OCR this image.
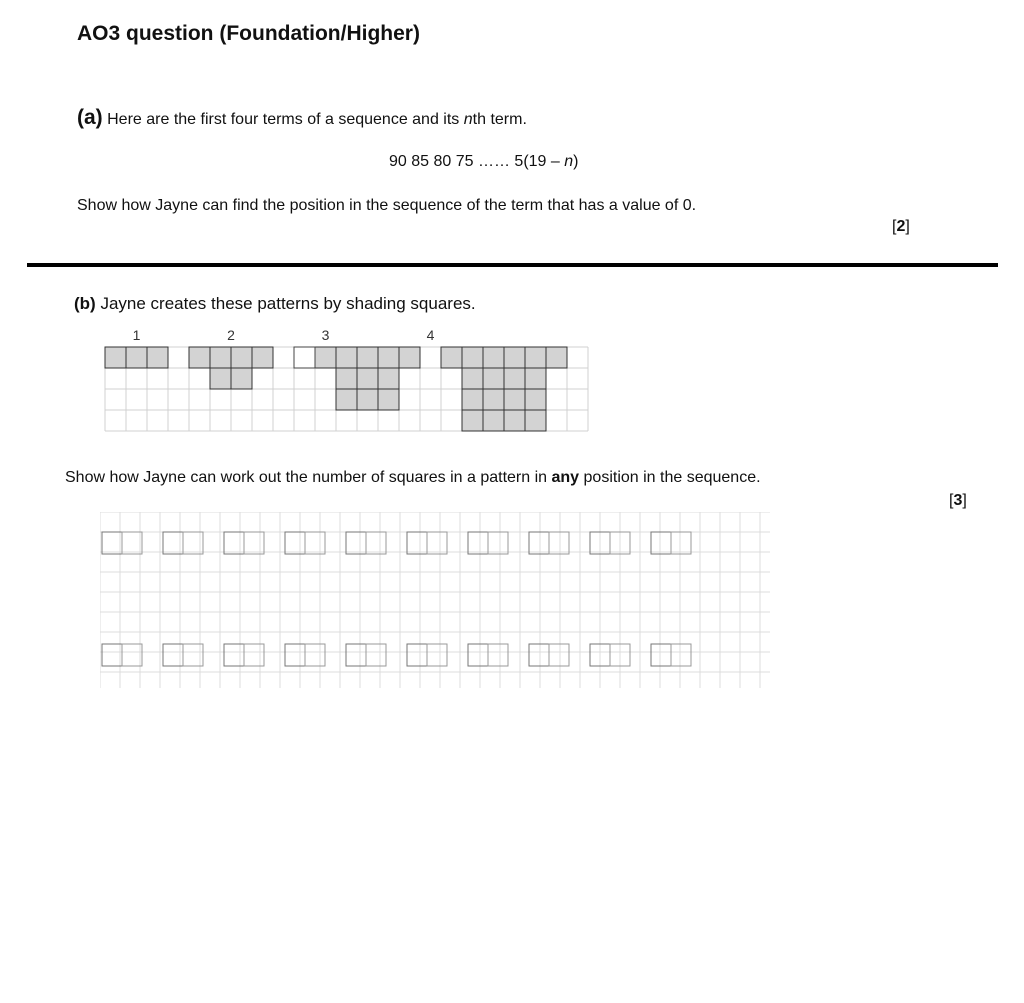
AO3 question (Foundation/Higher)
(a) Here are the first four terms of a sequence and its nth term.
90 85 80 75 …… 5(19 – n)
Show how Jayne can find the position in the sequence of the term that has a value of 0.
[2]
(b) Jayne creates these patterns by shading squares.
1	2	3	4
Show how Jayne can work out the number of squares in a pattern in any position in the sequence.
[3]
